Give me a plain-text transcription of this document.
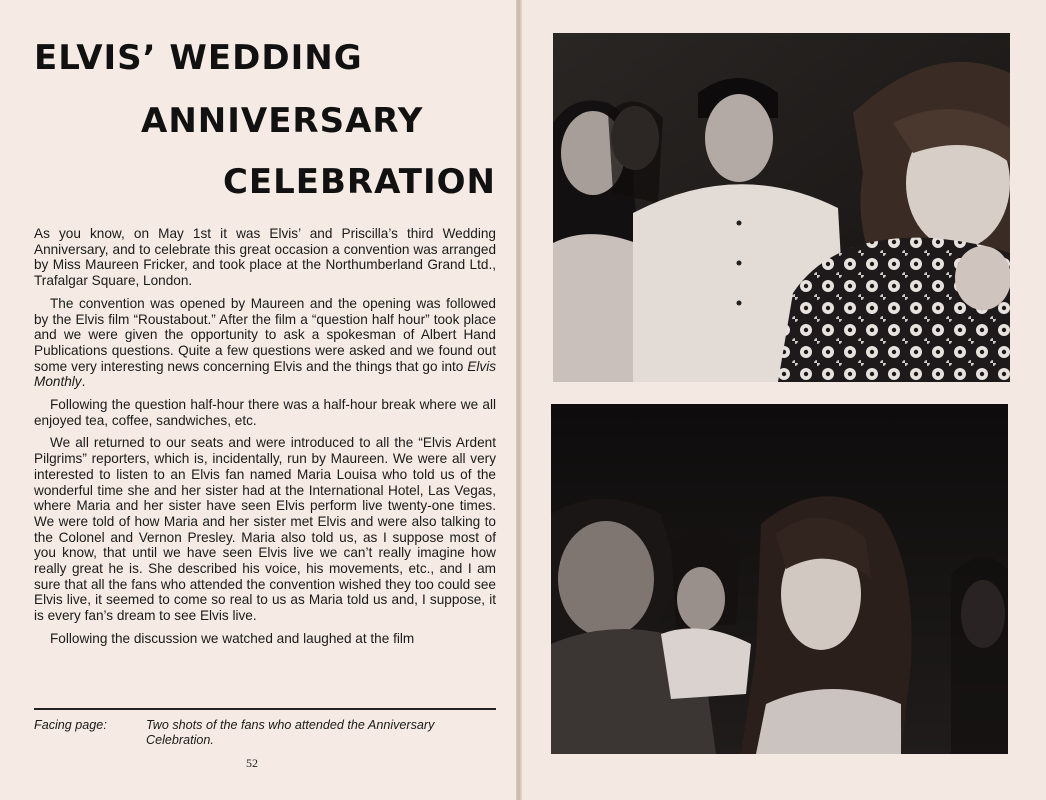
ELVIS’ WEDDING
ANNIVERSARY
CELEBRATION

As you know, on May 1st it was Elvis’ and Priscilla’s third Wedding Anniversary, and to celebrate this great occasion a convention was arranged by Miss Maureen Fricker, and took place at the Northumberland Grand Ltd., Trafalgar Square, London.

The convention was opened by Maureen and the opening was followed by the Elvis film “Roustabout.” After the film a “question half hour” took place and we were given the opportunity to ask a spokesman of Albert Hand Publications questions. Quite a few questions were asked and we found out some very interesting news concerning Elvis and the things that go into Elvis Monthly.

Following the question half-hour there was a half-hour break where we all enjoyed tea, coffee, sandwiches, etc.

We all returned to our seats and were introduced to all the “Elvis Ardent Pilgrims” reporters, which is, incidentally, run by Maureen. We were all very interested to listen to an Elvis fan named Maria Louisa who told us of the wonderful time she and her sister had at the International Hotel, Las Vegas, where Maria and her sister have seen Elvis perform live twenty-one times. We were told of how Maria and her sister met Elvis and were also talking to the Colonel and Vernon Presley. Maria also told us, as I suppose most of you know, that until we have seen Elvis live we can’t really imagine how really great he is. She described his voice, his movements, etc., and I am sure that all the fans who attended the convention wished they too could see Elvis live, it seemed to come so real to us as Maria told us and, I suppose, it is every fan’s dream to see Elvis live.

Following the discussion we watched and laughed at the film

Facing page:	Two shots of the fans who attended the Anniversary Celebration.
52
